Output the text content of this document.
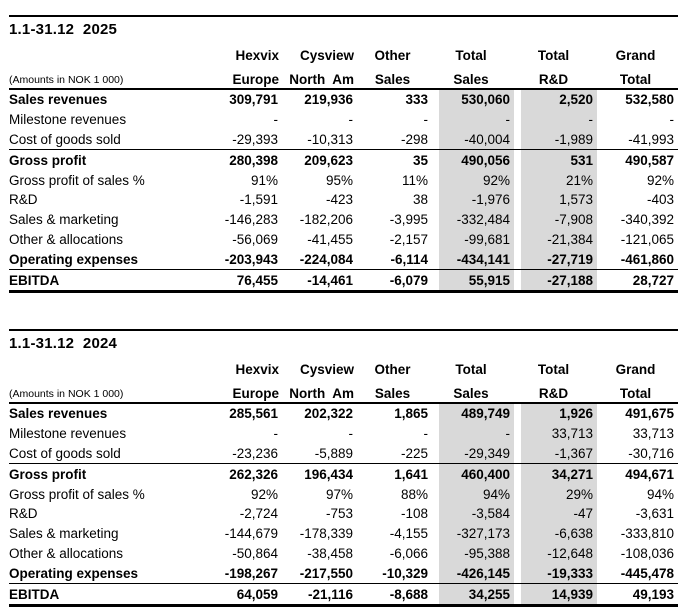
1.1-31.12  2025
	Hexvix	Cysview	Other	Total	Total	Grand
(Amounts in NOK 1 000)	Europe	North  Am	Sales	Sales	R&D	Total
Sales revenues	309,791	219,936	333	530,060	2,520	532,580
Milestone revenues	-	-	-	-	-	-
Cost of goods sold	-29,393	-10,313	-298	-40,004	-1,989	-41,993
Gross profit	280,398	209,623	35	490,056	531	490,587
Gross profit of sales %	91%	95%	11%	92%	21%	92%
R&D	-1,591	-423	38	-1,976	1,573	-403
Sales & marketing	-146,283	-182,206	-3,995	-332,484	-7,908	-340,392
Other & allocations	-56,069	-41,455	-2,157	-99,681	-21,384	-121,065
Operating expenses	-203,943	-224,084	-6,114	-434,141	-27,719	-461,860
EBITDA	76,455	-14,461	-6,079	55,915	-27,188	28,727
1.1-31.12  2024
	Hexvix	Cysview	Other	Total	Total	Grand
(Amounts in NOK 1 000)	Europe	North  Am	Sales	Sales	R&D	Total
Sales revenues	285,561	202,322	1,865	489,749	1,926	491,675
Milestone revenues	-	-	-	-	33,713	33,713
Cost of goods sold	-23,236	-5,889	-225	-29,349	-1,367	-30,716
Gross profit	262,326	196,434	1,641	460,400	34,271	494,671
Gross profit of sales %	92%	97%	88%	94%	29%	94%
R&D	-2,724	-753	-108	-3,584	-47	-3,631
Sales & marketing	-144,679	-178,339	-4,155	-327,173	-6,638	-333,810
Other & allocations	-50,864	-38,458	-6,066	-95,388	-12,648	-108,036
Operating expenses	-198,267	-217,550	-10,329	-426,145	-19,333	-445,478
EBITDA	64,059	-21,116	-8,688	34,255	14,939	49,193
